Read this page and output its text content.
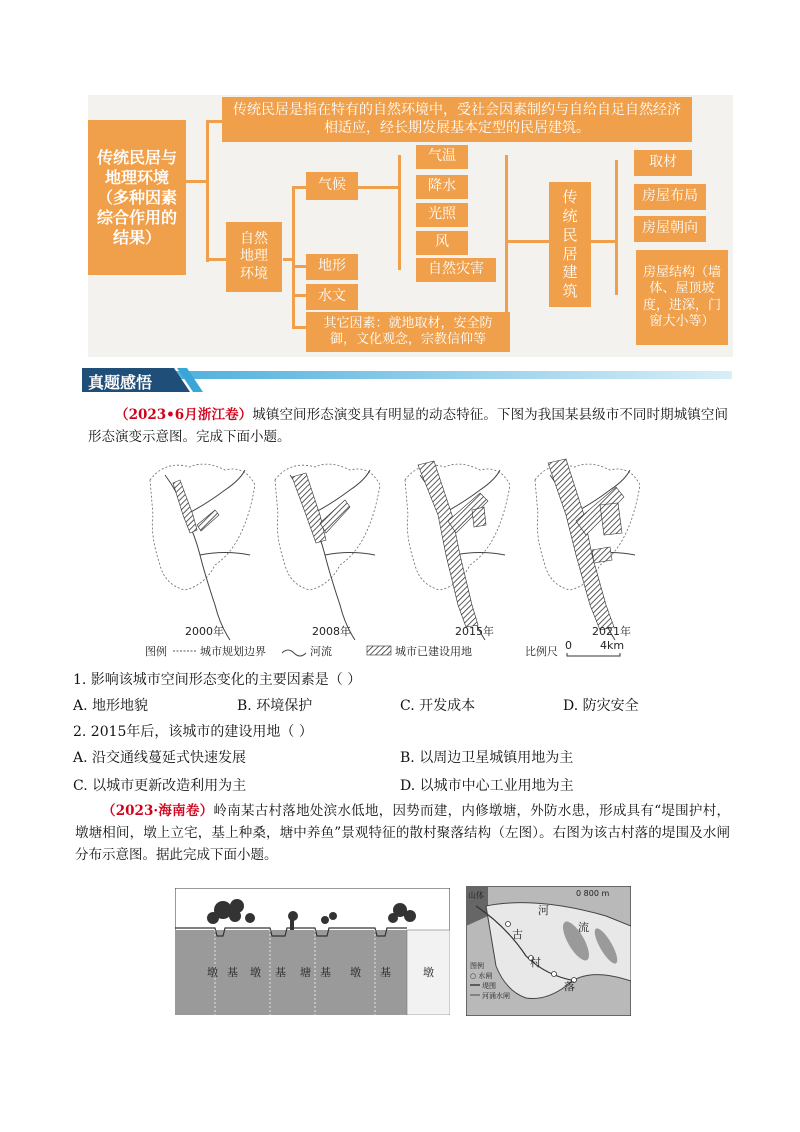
传统民居与地理环境（多种因素综合作用的结果）
传统民居是指在特有的自然环境中，受社会因素制约与自给自足自然经济相适应，经长期发展基本定型的民居建筑。
自然地理环境
气候
气温
降水
光照
风
自然灾害
地形
水文
其它因素：就地取材，安全防御，文化观念，宗教信仰等
传统民居建筑
取材
房屋布局
房屋朝向
房屋结构（墙体、屋顶坡度，进深，门窗大小等）
真题感悟
（2023•6月浙江卷）城镇空间形态演变具有明显的动态特征。下图为我国某县级市不同时期城镇空间形态演变示意图。完成下面小题。
2000年	2008年	2015年	2021年
图例	城市规划边界	河流	城市已建设用地	比例尺 0	4km
1. 影响该城市空间形态变化的主要因素是（ ）
A. 地形地貌	B. 环境保护	C. 开发成本	D. 防灾安全
2. 2015年后，该城市的建设用地（ ）
A. 沿交通线蔓延式快速发展	B. 以周边卫星城镇用地为主
C. 以城市更新改造利用为主	D. 以城市中心工业用地为主
（2023·海南卷）岭南某古村落地处滨水低地，因势而建，内修墩塘，外防水患，形成具有“堤围护村，墩塘相间，墩上立宅，基上种桑，塘中养鱼”景观特征的散村聚落结构（左图）。右图为该古村落的堤围及水闸分布示意图。据此完成下面小题。
墩 基 墩 基 塘 基 墩 基	墩
山体	0 800 m
河
流
古
村
落
图例
○ 水闸
堤围
河涌水闸
